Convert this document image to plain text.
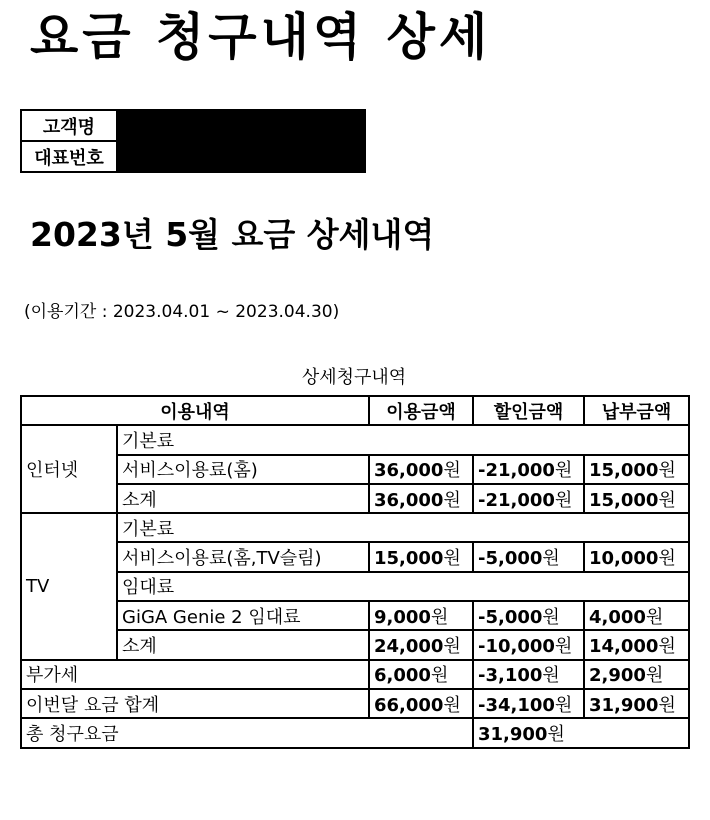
요금 청구내역 상세
고객명	
대표번호	
2023년 5월 요금 상세내역
(이용기간 : 2023.04.01 ~ 2023.04.30)
상세청구내역
이용내역		이용금액	할인금액	납부금액
인터넷	기본료			
	서비스이용료(홈)	36,000원	-21,000원	15,000원
	소계	36,000원	-21,000원	15,000원
TV	기본료			
	서비스이용료(홈,TV슬림)	15,000원	-5,000원	10,000원
	임대료			
	GiGA Genie 2 임대료	9,000원	-5,000원	4,000원
	소계	24,000원	-10,000원	14,000원
부가세		6,000원	-3,100원	2,900원
이번달 요금 합계		66,000원	-34,100원	31,900원
총 청구요금			31,900원	
